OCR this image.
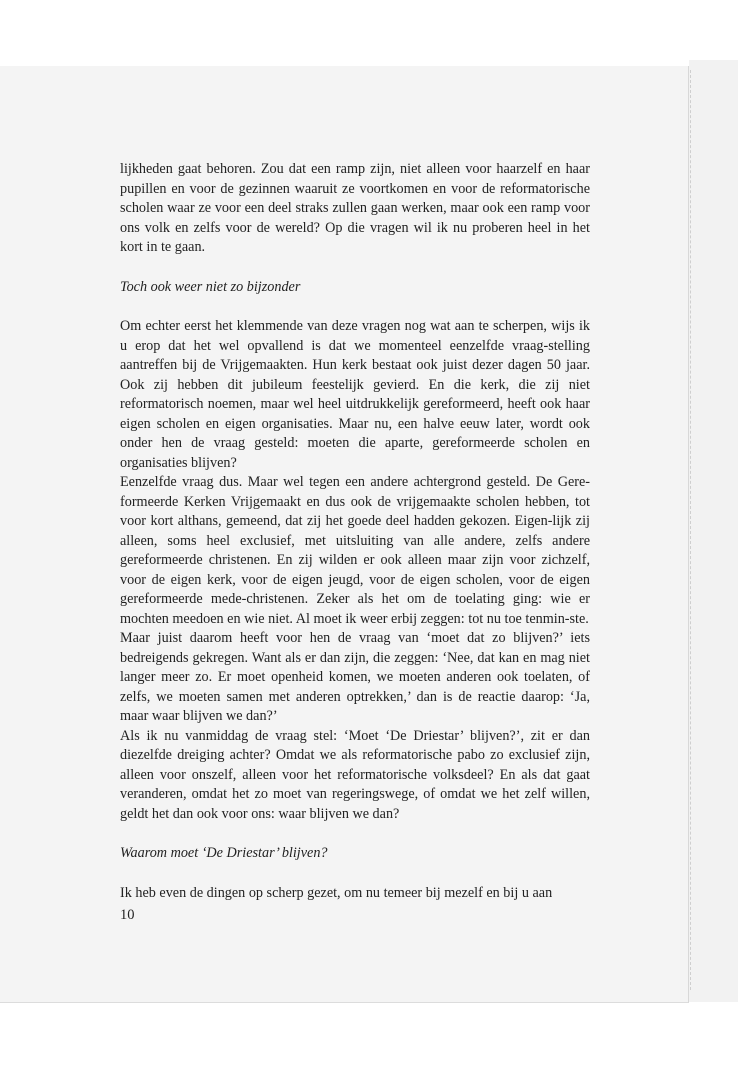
lijkheden gaat behoren. Zou dat een ramp zijn, niet alleen voor haarzelf en haar pupillen en voor de gezinnen waaruit ze voortkomen en voor de reformatorische scholen waar ze voor een deel straks zullen gaan werken, maar ook een ramp voor ons volk en zelfs voor de wereld? Op die vragen wil ik nu proberen heel in het kort in te gaan.

Toch ook weer niet zo bijzonder

Om echter eerst het klemmende van deze vragen nog wat aan te scherpen, wijs ik u erop dat het wel opvallend is dat we momenteel eenzelfde vraag-stelling aantreffen bij de Vrijgemaakten. Hun kerk bestaat ook juist dezer dagen 50 jaar. Ook zij hebben dit jubileum feestelijk gevierd. En die kerk, die zij niet reformatorisch noemen, maar wel heel uitdrukkelijk gereformeerd, heeft ook haar eigen scholen en eigen organisaties. Maar nu, een halve eeuw later, wordt ook onder hen de vraag gesteld: moeten die aparte, gereformeerde scholen en organisaties blijven?

Eenzelfde vraag dus. Maar wel tegen een andere achtergrond gesteld. De Gere-formeerde Kerken Vrijgemaakt en dus ook de vrijgemaakte scholen hebben, tot voor kort althans, gemeend, dat zij het goede deel hadden gekozen. Eigen-lijk zij alleen, soms heel exclusief, met uitsluiting van alle andere, zelfs andere gereformeerde christenen. En zij wilden er ook alleen maar zijn voor zichzelf, voor de eigen kerk, voor de eigen jeugd, voor de eigen scholen, voor de eigen gereformeerde mede-christenen. Zeker als het om de toelating ging: wie er mochten meedoen en wie niet. Al moet ik weer erbij zeggen: tot nu toe tenmin-ste.

Maar juist daarom heeft voor hen de vraag van ‘moet dat zo blijven?’ iets bedreigends gekregen. Want als er dan zijn, die zeggen: ‘Nee, dat kan en mag niet langer meer zo. Er moet openheid komen, we moeten anderen ook toelaten, of zelfs, we moeten samen met anderen optrekken,’ dan is de reactie daarop: ‘Ja, maar waar blijven we dan?’

Als ik nu vanmiddag de vraag stel: ‘Moet ‘De Driestar’ blijven?’, zit er dan diezelfde dreiging achter? Omdat we als reformatorische pabo zo exclusief zijn, alleen voor onszelf, alleen voor het reformatorische volksdeel? En als dat gaat veranderen, omdat het zo moet van regeringswege, of omdat we het zelf willen, geldt het dan ook voor ons: waar blijven we dan?

Waarom moet ‘De Driestar’ blijven?

Ik heb even de dingen op scherp gezet, om nu temeer bij mezelf en bij u aan

10
